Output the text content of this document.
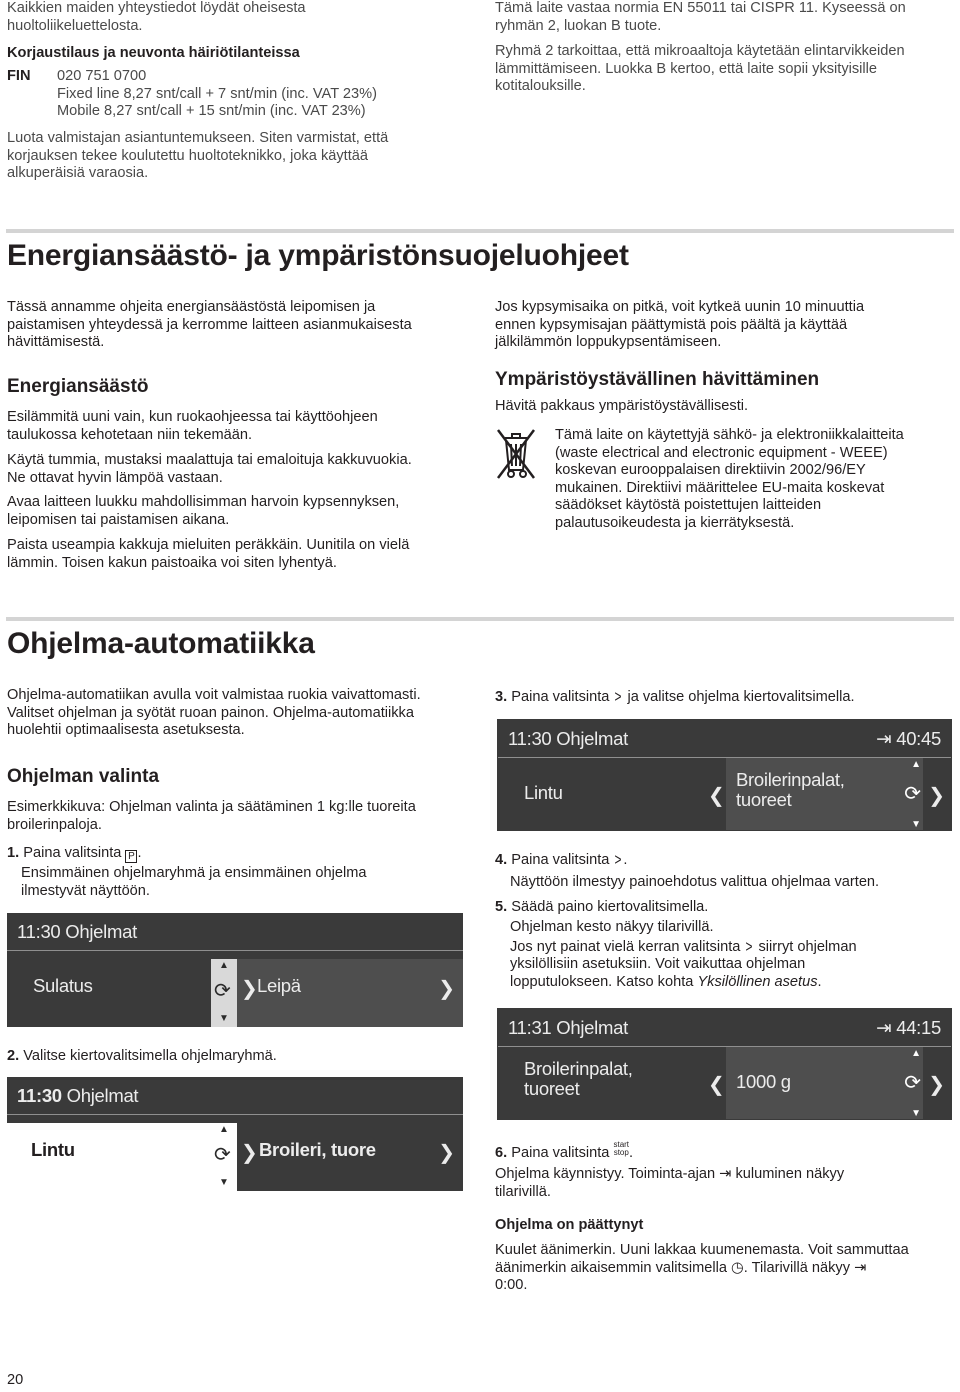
Kaikkien maiden yhteystiedot löydät oheisesta

huoltoliikeluettelosta.

Korjaustilaus ja neuvonta häiriötilanteissa
FIN 020 751 0700

Fixed line 8,27 snt/call + 7 snt/min (inc. VAT 23%)

Mobile 8,27 snt/call + 15 snt/min (inc. VAT 23%)

Luota valmistajan asiantuntemukseen. Siten varmistat, että

korjauksen tekee koulutettu huoltoteknikko, joka käyttää

alkuperäisiä varaosia.

Tämä laite vastaa normia EN 55011 tai CISPR 11. Kyseessä on

ryhmän 2, luokan B tuote.

Ryhmä 2 tarkoittaa, että mikroaaltoja käytetään elintarvikkeiden

lämmittämiseen. Luokka B kertoo, että laite sopii yksityisille

kotitalouksille.

Energiansäästö- ja ympäristönsuojeluohjeet

Tässä annamme ohjeita energiansäästöstä leipomisen ja

paistamisen yhteydessä ja kerromme laitteen asianmukaisesta

hävittämisestä.

Energiansäästö

Esilämmitä uuni vain, kun ruokaohjeessa tai käyttöohjeen

taulukossa kehotetaan niin tekemään.

Käytä tummia, mustaksi maalattuja tai emaloituja kakkuvuokia.

Ne ottavat hyvin lämpöä vastaan.

Avaa laitteen luukku mahdollisimman harvoin kypsennyksen,

leipomisen tai paistamisen aikana.

Paista useampia kakkuja mieluiten peräkkäin. Uunitila on vielä

lämmin. Toisen kakun paistoaika voi siten lyhentyä.

Jos kypsymisaika on pitkä, voit kytkeä uunin 10 minuuttia

ennen kypsymisajan päättymistä pois päältä ja käyttää

jälkilämmön loppukypsentämiseen.

Ympäristöystävällinen hävittäminen
Hävitä pakkaus ympäristöystävällisesti.

Tämä laite on käytettyjä sähkö- ja elektroniikkalaitteita

(waste electrical and electronic equipment - WEEE)

koskevan eurooppalaisen direktiivin 2002/96/EY

mukainen. Direktiivi määrittelee EU-maita koskevat

säädökset käytöstä poistettujen laitteiden

palautusoikeudesta ja kierrätyksestä.

Ohjelma-automatiikka

Ohjelma-automatiikan avulla voit valmistaa ruokia vaivattomasti.

Valitset ohjelman ja syötät ruoan painon. Ohjelma-automatiikka

huolehtii optimaalisesta asetuksesta.

Ohjelman valinta

Esimerkkikuva: Ohjelman valinta ja säätäminen 1 kg:lle tuoreita

broilerinpaloja.

1. Paina valitsinta P .

Ensimmäinen ohjelmaryhmä ja ensimmäinen ohjelma

ilmestyvät näyttöön.

11:30 Ohjelmat
Sulatus
▲
⟳
▼
❯ Leipä	❯
2. Valitse kiertovalitsimella ohjelmaryhmä.
11:30 Ohjelmat
Lintu
▲
⟳
▼
❯ Broileri, tuore	❯
3. Paina valitsinta > ja valitse ohjelma kiertovalitsimella.
11:30 Ohjelmat	⇥ 40:45
Lintu	❮
Broilerinpalat,
tuoreet
▲
⟳
▼
❯
4. Paina valitsinta >.
Näyttöön ilmestyy painoehdotus valittua ohjelmaa varten.
5. Säädä paino kiertovalitsimella.

Ohjelman kesto näkyy tilarivillä.

Jos nyt painat vielä kerran valitsinta > siirryt ohjelman

yksilöllisiin asetuksiin. Voit vaikuttaa ohjelman

lopputulokseen. Katso kohta Yksilöllinen asetus.

11:31 Ohjelmat	⇥ 44:15
Broilerinpalat,
tuoreet	❮ 1000 g
▲
⟳
▼
❯
6. Paina valitsinta
start
stop .

Ohjelma käynnistyy. Toiminta-ajan ⇥ kuluminen näkyy

tilarivillä.

Ohjelma on päättynyt

Kuulet äänimerkin. Uuni lakkaa kuumenemasta. Voit sammuttaa

äänimerkin aikaisemmin valitsimella ◷. Tilarivillä näkyy ⇥

0:00.

20
